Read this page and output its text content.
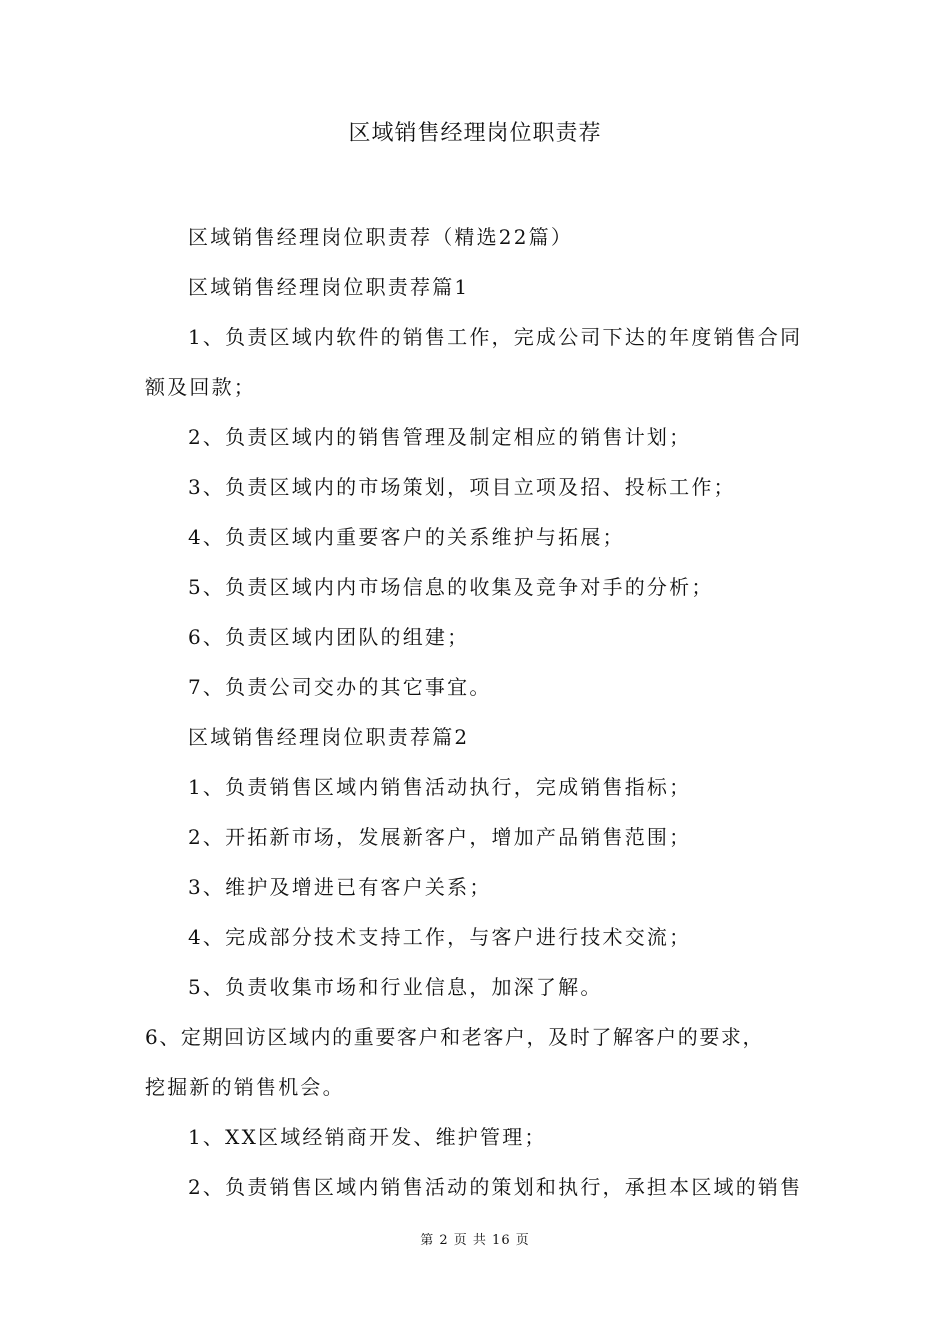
区域销售经理岗位职责荐
区域销售经理岗位职责荐（精选22篇）
区域销售经理岗位职责荐篇1
1、负责区域内软件的销售工作，完成公司下达的年度销售合同
额及回款；
2、负责区域内的销售管理及制定相应的销售计划；
3、负责区域内的市场策划，项目立项及招、投标工作；
4、负责区域内重要客户的关系维护与拓展；
5、负责区域内内市场信息的收集及竞争对手的分析；
6、负责区域内团队的组建；
7、负责公司交办的其它事宜。
区域销售经理岗位职责荐篇2
1、负责销售区域内销售活动执行，完成销售指标；
2、开拓新市场，发展新客户，增加产品销售范围；
3、维护及增进已有客户关系；
4、完成部分技术支持工作，与客户进行技术交流；
5、负责收集市场和行业信息，加深了解。
6、定期回访区域内的重要客户和老客户，及时了解客户的要求，
挖掘新的销售机会。
1、XX区域经销商开发、维护管理；
2、负责销售区域内销售活动的策划和执行，承担本区域的销售
第 2 页 共 16 页
